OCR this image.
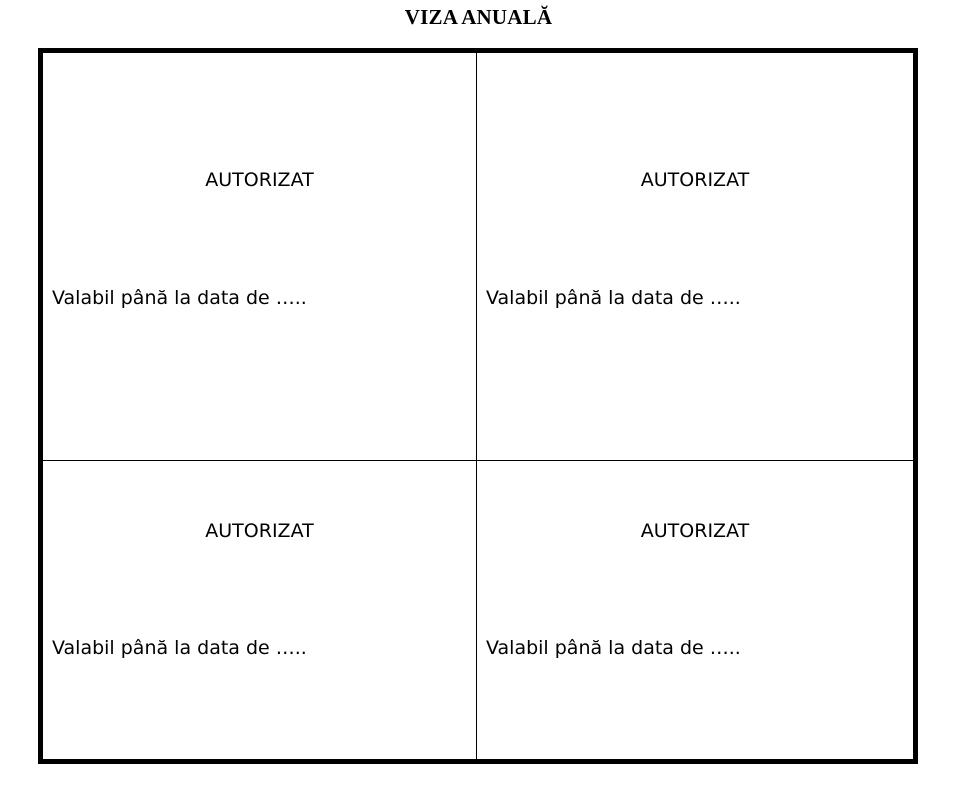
VIZA ANUALĂ
AUTORIZAT
Valabil până la data de …..
AUTORIZAT
Valabil până la data de …..
AUTORIZAT
Valabil până la data de …..
AUTORIZAT
Valabil până la data de …..
